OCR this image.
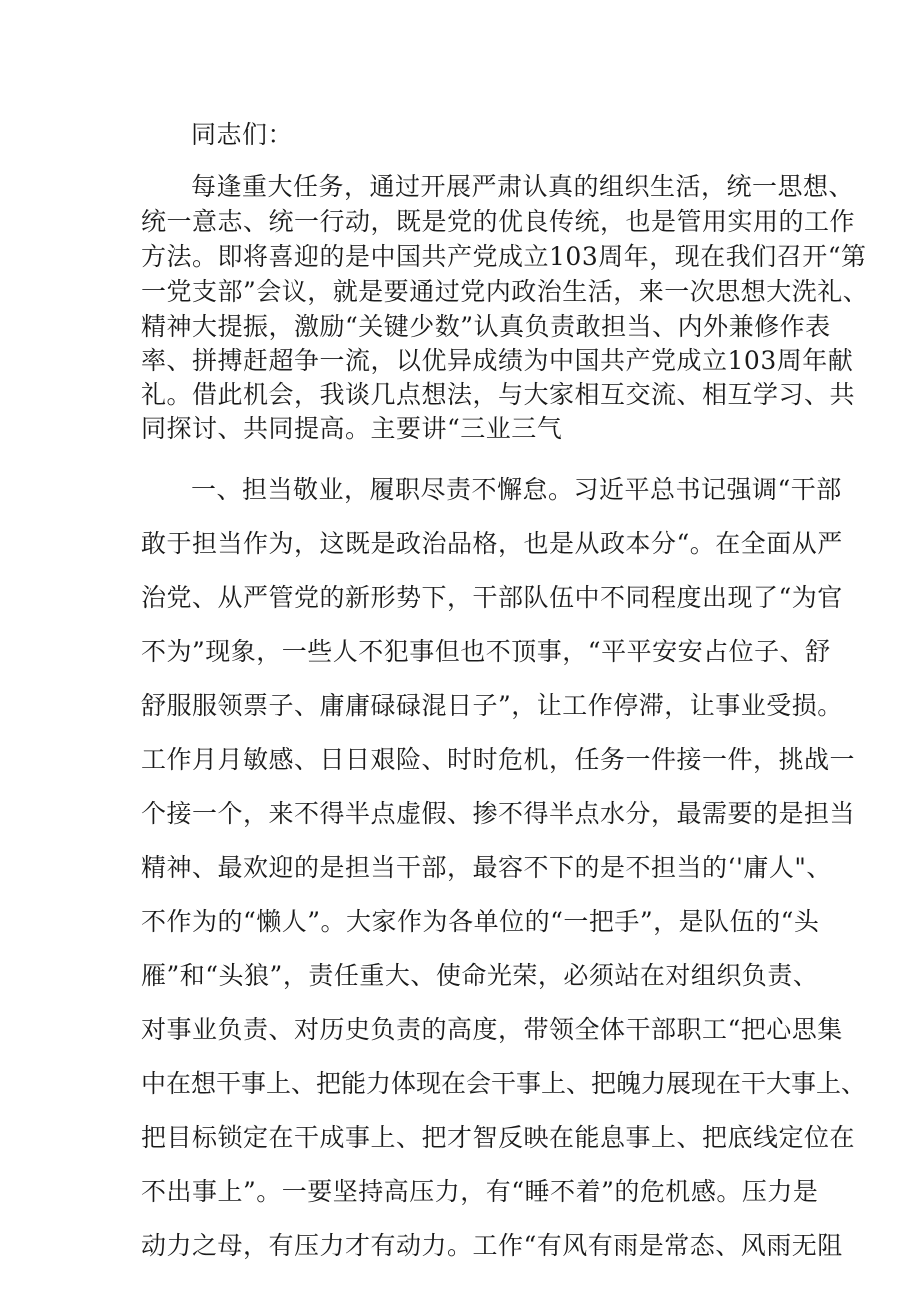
同志们：
每逢重大任务，通过开展严肃认真的组织生活，统一思想、
统一意志、统一行动，既是党的优良传统，也是管用实用的工作
方法。即将喜迎的是中国共产党成立103周年，现在我们召开“第
一党支部”会议，就是要通过党内政治生活，来一次思想大洗礼、
精神大提振，激励“关键少数”认真负责敢担当、内外兼修作表
率、拼搏赶超争一流，以优异成绩为中国共产党成立103周年献
礼。借此机会，我谈几点想法，与大家相互交流、相互学习、共
同探讨、共同提高。主要讲“三业三气
一、担当敬业，履职尽责不懈怠。习近平总书记强调“干部
敢于担当作为，这既是政治品格，也是从政本分“。在全面从严
治党、从严管党的新形势下，干部队伍中不同程度出现了“为官
不为”现象，一些人不犯事但也不顶事，“平平安安占位子、舒
舒服服领票子、庸庸碌碌混日子”，让工作停滞，让事业受损。
工作月月敏感、日日艰险、时时危机，任务一件接一件，挑战一
个接一个，来不得半点虚假、掺不得半点水分，最需要的是担当
精神、最欢迎的是担当干部，最容不下的是不担当的‘'庸人"、
不作为的“懒人”。大家作为各单位的“一把手”，是队伍的“头
雁”和“头狼”，责任重大、使命光荣，必须站在对组织负责、
对事业负责、对历史负责的高度，带领全体干部职工“把心思集
中在想干事上、把能力体现在会干事上、把魄力展现在干大事上、
把目标锁定在干成事上、把才智反映在能息事上、把底线定位在
不出事上”。一要坚持高压力，有“睡不着”的危机感。压力是
动力之母，有压力才有动力。工作“有风有雨是常态、风雨无阻
